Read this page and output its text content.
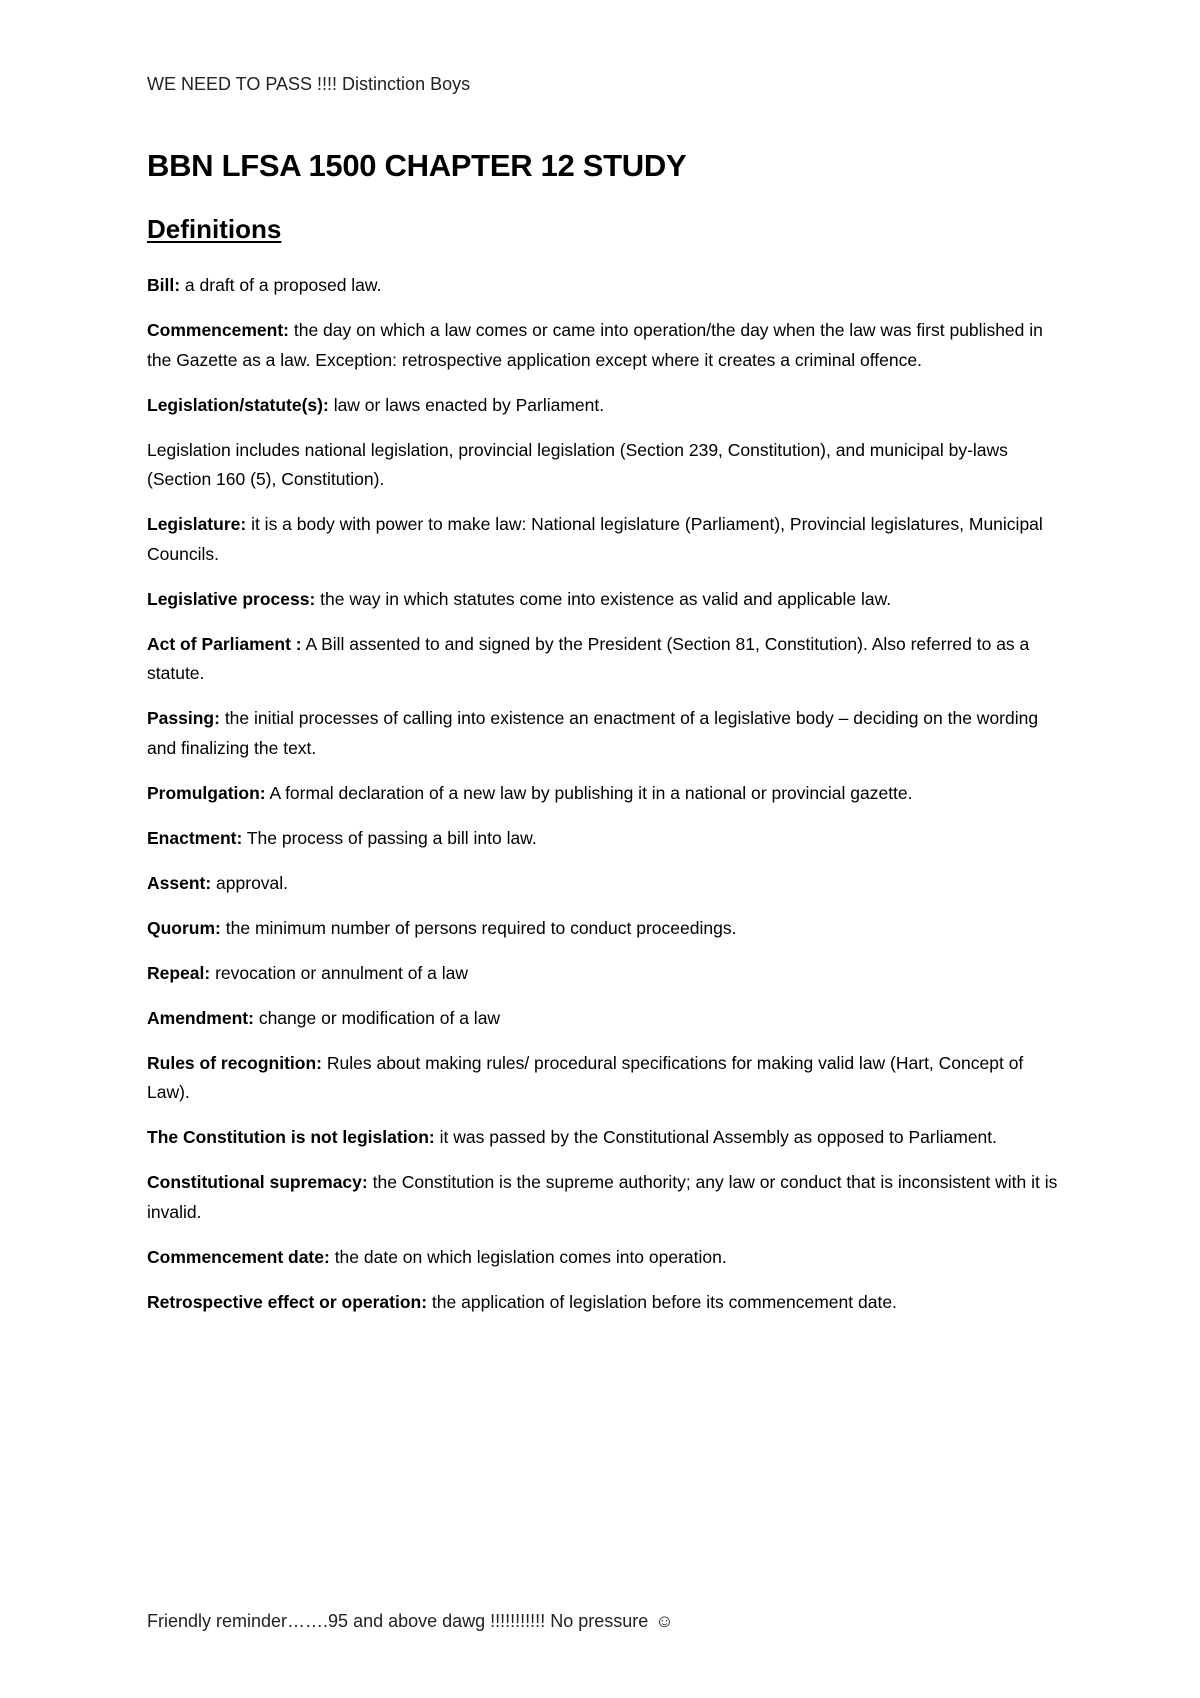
WE NEED TO PASS !!!! Distinction Boys
BBN LFSA 1500 CHAPTER 12 STUDY
Definitions

Bill: a draft of a proposed law.

Commencement: the day on which a law comes or came into operation/the day when the law was first published in the Gazette as a law. Exception: retrospective application except where it creates a criminal offence.

Legislation/statute(s): law or laws enacted by Parliament.

Legislation includes national legislation, provincial legislation (Section 239, Constitution), and municipal by-laws (Section 160 (5), Constitution).

Legislature: it is a body with power to make law: National legislature (Parliament), Provincial legislatures, Municipal Councils.

Legislative process: the way in which statutes come into existence as valid and applicable law.

Act of Parliament : A Bill assented to and signed by the President (Section 81, Constitution). Also referred to as a statute.

Passing: the initial processes of calling into existence an enactment of a legislative body – deciding on the wording and finalizing the text.

Promulgation: A formal declaration of a new law by publishing it in a national or provincial gazette.

Enactment: The process of passing a bill into law.

Assent: approval.

Quorum: the minimum number of persons required to conduct proceedings.

Repeal: revocation or annulment of a law

Amendment: change or modification of a law

Rules of recognition: Rules about making rules/ procedural specifications for making valid law (Hart, Concept of Law).

The Constitution is not legislation: it was passed by the Constitutional Assembly as opposed to Parliament.

Constitutional supremacy: the Constitution is the supreme authority; any law or conduct that is inconsistent with it is invalid.

Commencement date: the date on which legislation comes into operation.

Retrospective effect or operation: the application of legislation before its commencement date.

Friendly reminder…….95 and above dawg !!!!!!!!!!! No pressure ☺
